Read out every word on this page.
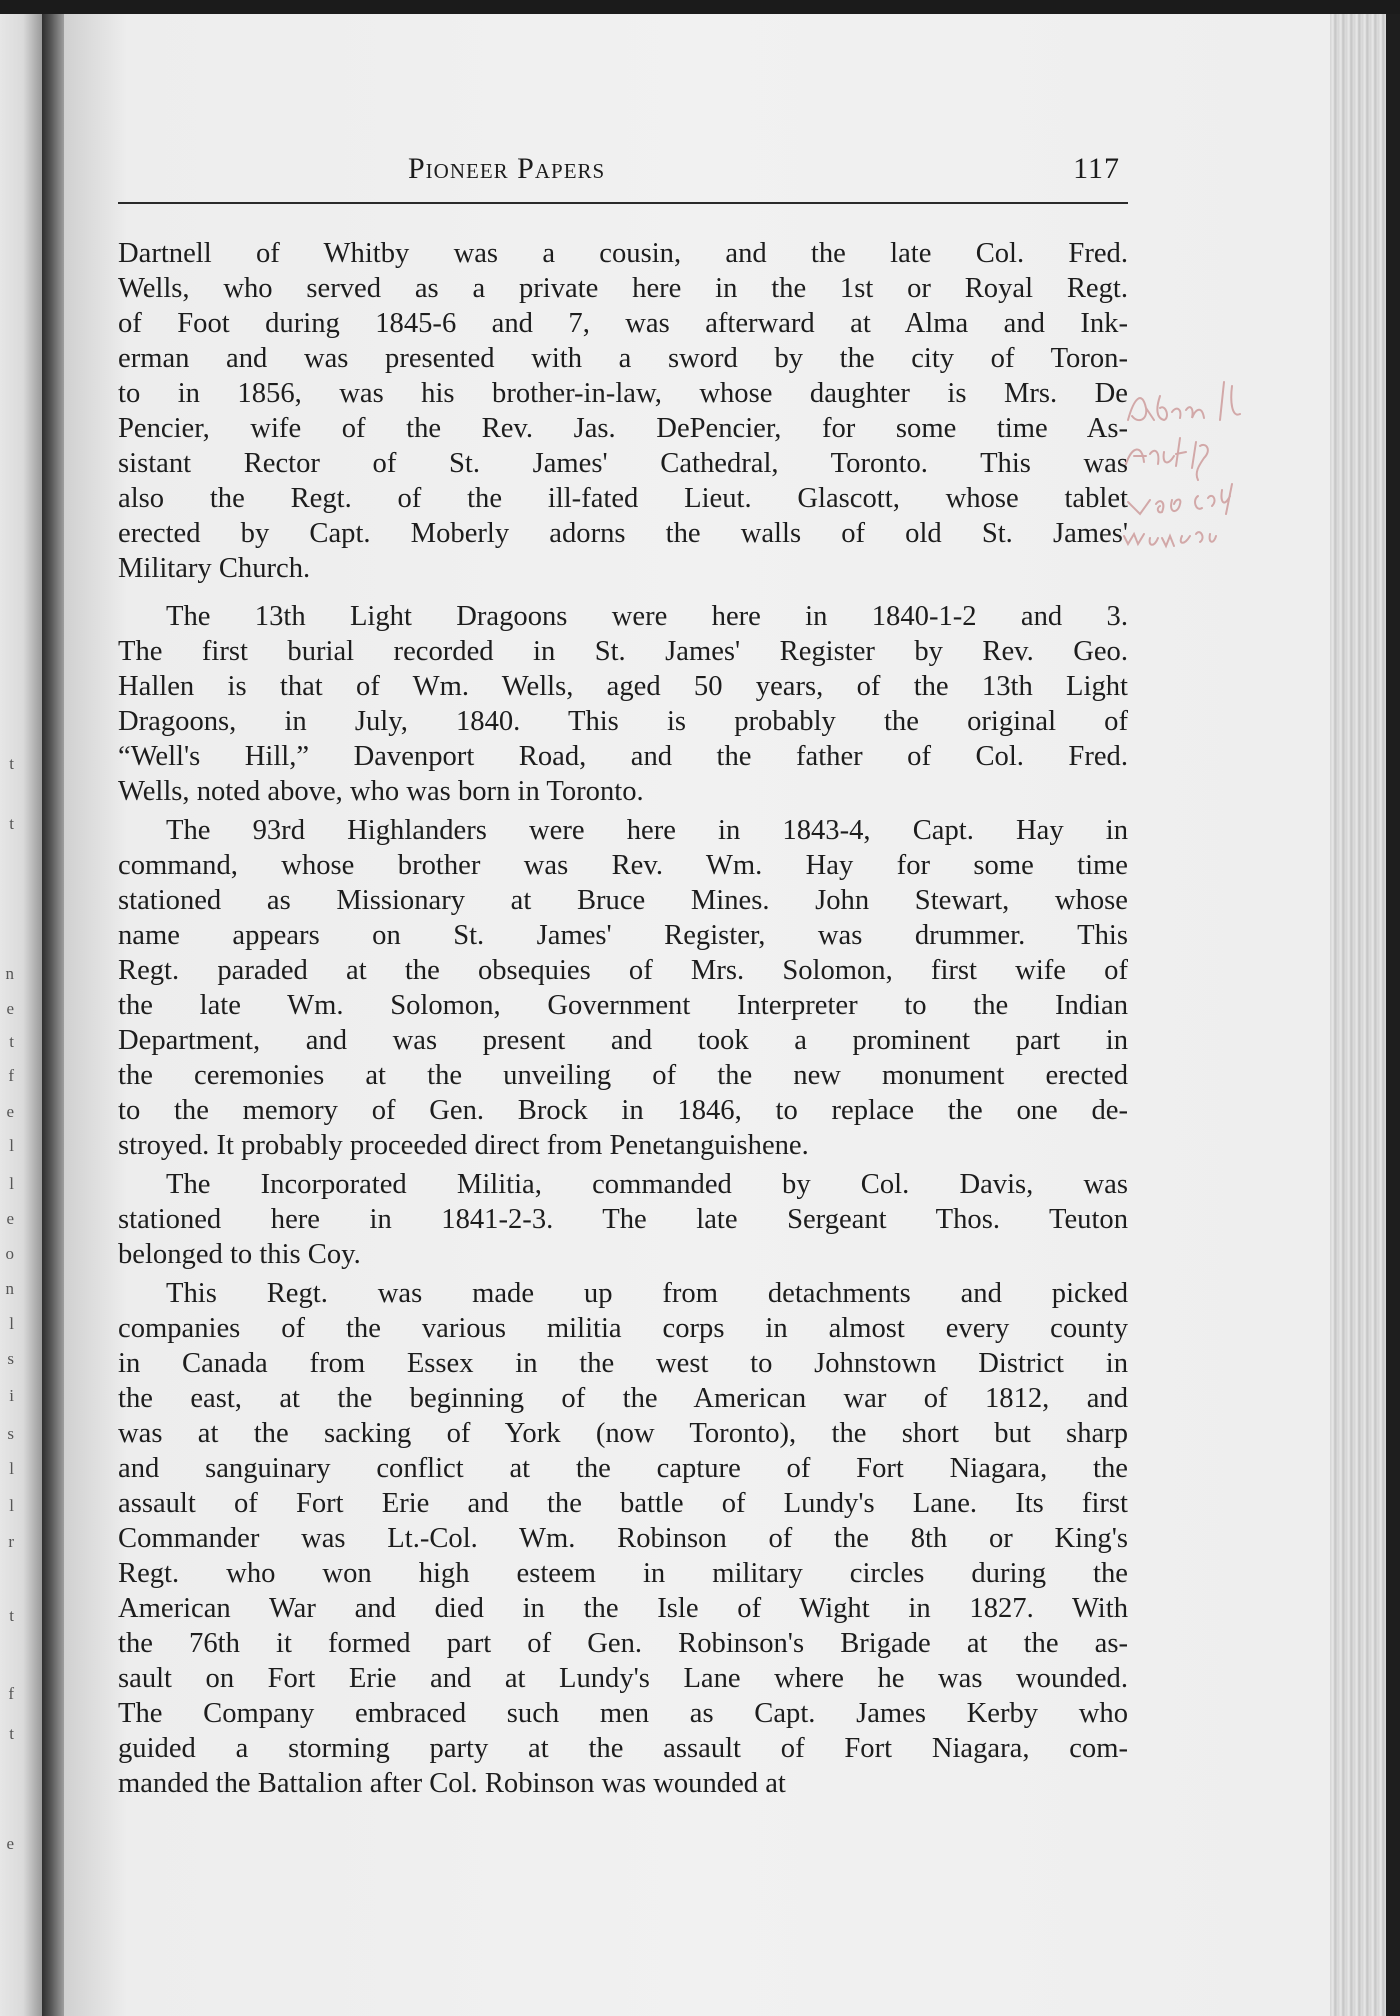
t
t
n
e
t
f
e
l
l
e
o
n
l
s
i
s
l
l
r
t
f
t
e
Pioneer Papers	117
Dartnell of Whitby was a cousin, and the late Col. Fred.
Wells, who served as a private here in the 1st or Royal Regt.
of Foot during 1845-6 and 7, was afterward at Alma and Ink-
erman and was presented with a sword by the city of Toron-
to in 1856, was his brother-in-law, whose daughter is Mrs. De
Pencier, wife of the Rev. Jas. DePencier, for some time As-
sistant Rector of St. James' Cathedral, Toronto. This was
also the Regt. of the ill-fated Lieut. Glascott, whose tablet
erected by Capt. Moberly adorns the walls of old St. James'
Military Church.
The 13th Light Dragoons were here in 1840-1-2 and 3.
The first burial recorded in St. James' Register by Rev. Geo.
Hallen is that of Wm. Wells, aged 50 years, of the 13th Light
Dragoons, in July, 1840. This is probably the original of
“Well's Hill,” Davenport Road, and the father of Col. Fred.
Wells, noted above, who was born in Toronto.
The 93rd Highlanders were here in 1843-4, Capt. Hay in
command, whose brother was Rev. Wm. Hay for some time
stationed as Missionary at Bruce Mines. John Stewart, whose
name appears on St. James' Register, was drummer. This
Regt. paraded at the obsequies of Mrs. Solomon, first wife of
the late Wm. Solomon, Government Interpreter to the Indian
Department, and was present and took a prominent part in
the ceremonies at the unveiling of the new monument erected
to the memory of Gen. Brock in 1846, to replace the one de-
stroyed. It probably proceeded direct from Penetanguishene.
The Incorporated Militia, commanded by Col. Davis, was
stationed here in 1841-2-3. The late Sergeant Thos. Teuton
belonged to this Coy.
This Regt. was made up from detachments and picked
companies of the various militia corps in almost every county
in Canada from Essex in the west to Johnstown District in
the east, at the beginning of the American war of 1812, and
was at the sacking of York (now Toronto), the short but sharp
and sanguinary conflict at the capture of Fort Niagara, the
assault of Fort Erie and the battle of Lundy's Lane. Its first
Commander was Lt.-Col. Wm. Robinson of the 8th or King's
Regt. who won high esteem in military circles during the
American War and died in the Isle of Wight in 1827. With
the 76th it formed part of Gen. Robinson's Brigade at the as-
sault on Fort Erie and at Lundy's Lane where he was wounded.
The Company embraced such men as Capt. James Kerby who
guided a storming party at the assault of Fort Niagara, com-
manded the Battalion after Col. Robinson was wounded at
